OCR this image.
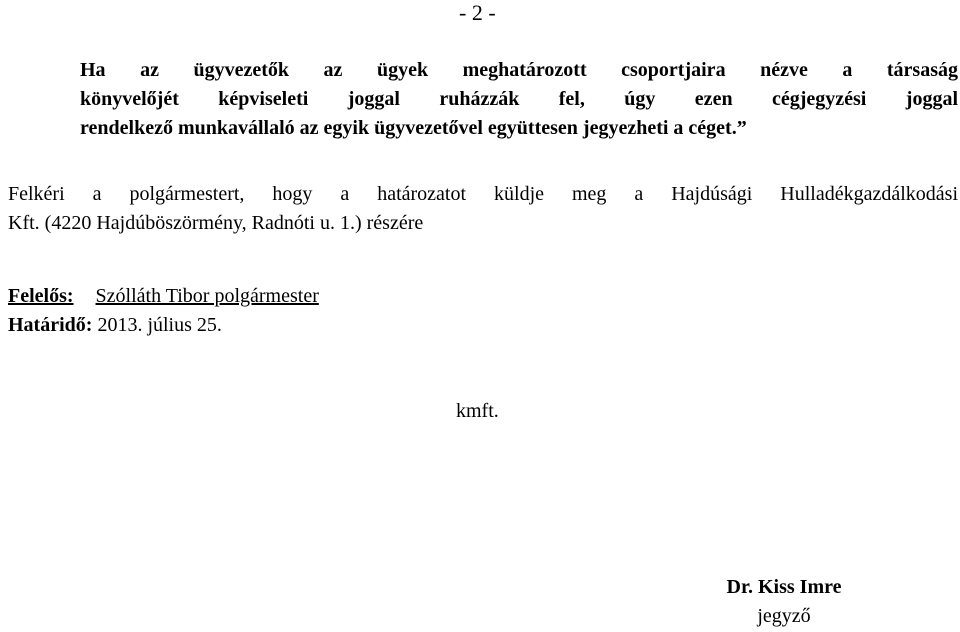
- 2 -
Ha az ügyvezetők az ügyek meghatározott csoportjaira nézve a társaság
könyvelőjét képviseleti joggal ruházzák fel, úgy ezen cégjegyzési joggal
rendelkező munkavállaló az egyik ügyvezetővel együttesen jegyezheti a céget.”
Felkéri a polgármestert, hogy a határozatot küldje meg a Hajdúsági Hulladékgazdálkodási
Kft. (4220 Hajdúböszörmény, Radnóti u. 1.) részére
Felelős: Szólláth Tibor polgármester
Határidő: 2013. július 25.
kmft.
Dr. Kiss Imre
jegyző
